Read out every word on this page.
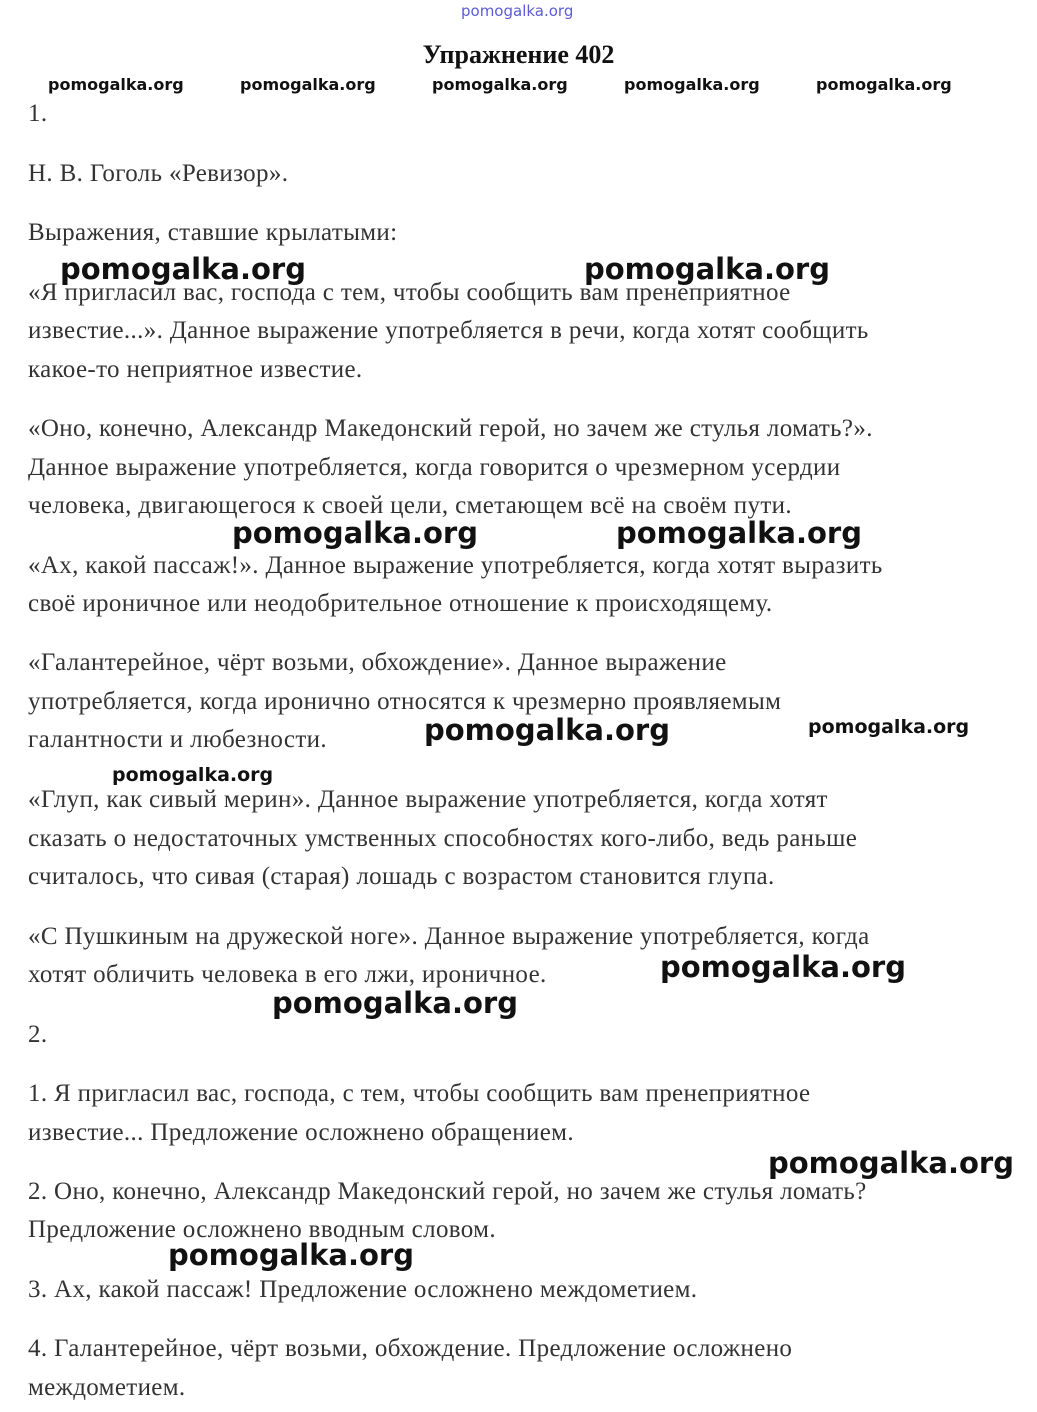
pomogalka.org
Упражнение 402
pomogalka.org	pomogalka.org	pomogalka.org	pomogalka.org	pomogalka.org
1.
Н. В. Гоголь «Ревизор».
Выражения, ставшие крылатыми:
«Я пригласил вас, господа с тем, чтобы сообщить вам пренеприятное
известие...». Данное выражение употребляется в речи, когда хотят сообщить
какое-то неприятное известие.
«Оно, конечно, Александр Македонский герой, но зачем же стулья ломать?».
Данное выражение употребляется, когда говорится о чрезмерном усердии
человека, двигающегося к своей цели, сметающем всё на своём пути.
«Ах, какой пассаж!». Данное выражение употребляется, когда хотят выразить
своё ироничное или неодобрительное отношение к происходящему.
«Галантерейное, чёрт возьми, обхождение». Данное выражение
употребляется, когда иронично относятся к чрезмерно проявляемым
галантности и любезности.
«Глуп, как сивый мерин». Данное выражение употребляется, когда хотят
сказать о недостаточных умственных способностях кого-либо, ведь раньше
считалось, что сивая (старая) лошадь с возрастом становится глупа.
«С Пушкиным на дружеской ноге». Данное выражение употребляется, когда
хотят обличить человека в его лжи, ироничное.
2.
1. Я пригласил вас, господа, с тем, чтобы сообщить вам пренеприятное
известие... Предложение осложнено обращением.
2. Оно, конечно, Александр Македонский герой, но зачем же стулья ломать?
Предложение осложнено вводным словом.
3. Ах, какой пассаж! Предложение осложнено междометием.
4. Галантерейное, чёрт возьми, обхождение. Предложение осложнено
междометием.
pomogalka.org	pomogalka.org
pomogalka.org	pomogalka.org
pomogalka.org	pomogalka.org
pomogalka.org
pomogalka.org
pomogalka.org
pomogalka.org
pomogalka.org
